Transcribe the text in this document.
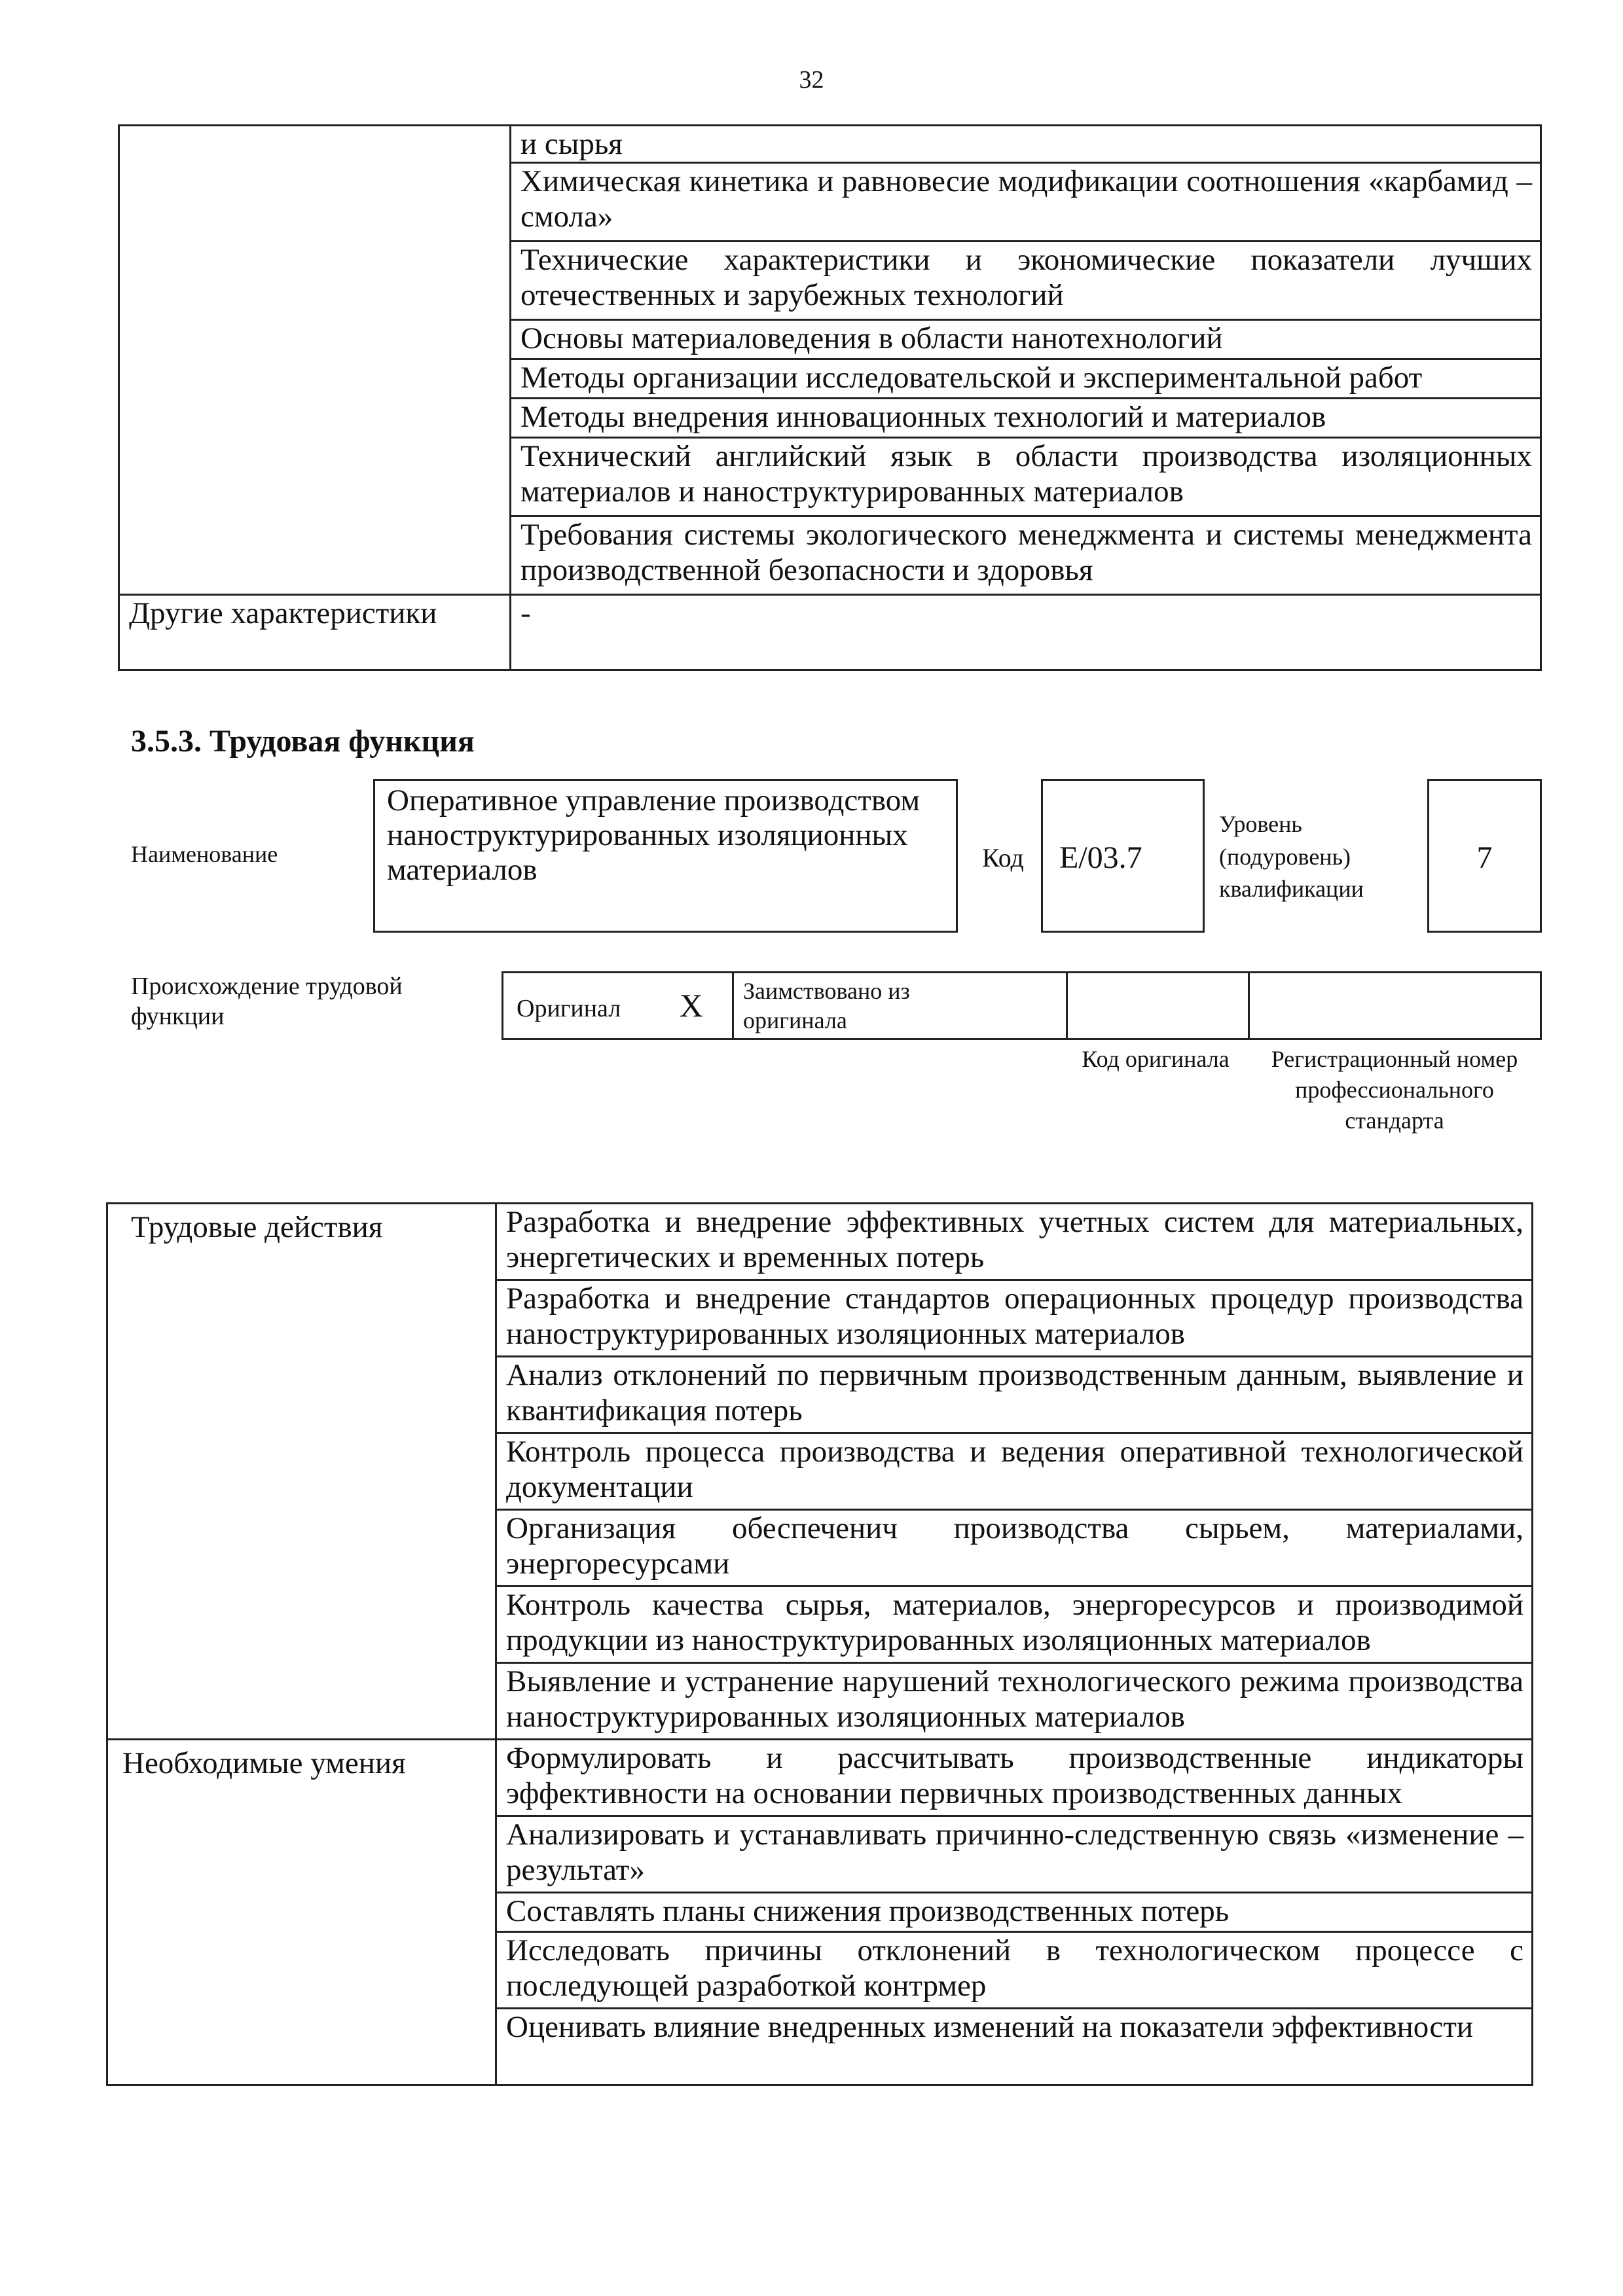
32
	и сырья
	Химическая кинетика и равновесие модификации соотношения «карбамид – смола»
	Технические характеристики и экономические показатели лучших отечественных и зарубежных технологий
	Основы материаловедения в области нанотехнологий
	Методы организации исследовательской и экспериментальной работ
	Методы внедрения инновационных технологий и материалов
	Технический английский язык в области производства изоляционных материалов и наноструктурированных материалов
	Требования системы экологического менеджмента и системы менеджмента производственной безопасности и здоровья
Другие характеристики	-
3.5.3. Трудовая функция
Наименование
Оперативное управление производством наноструктурированных изоляционных материалов	Код	E/03.7
Уровень (подуровень) квалификации
7
Происхождение трудовой функции	Оригинал X	Заимствовано из оригинала		
Код оригинала	Регистрационный номер профессионального стандарта
Трудовые действия	Разработка и внедрение эффективных учетных систем для материальных, энергетических и временных потерь
	Разработка и внедрение стандартов операционных процедур производства наноструктурированных изоляционных материалов
	Анализ отклонений по первичным производственным данным, выявление и квантификация потерь
	Контроль процесса производства и ведения оперативной технологической документации
	Организация обеспеченич производства сырьем, материалами, энергоресурсами
	Контроль качества сырья, материалов, энергоресурсов и производимой продукции из наноструктурированных изоляционных материалов
	Выявление и устранение нарушений технологического режима производства наноструктурированных изоляционных материалов
Необходимые умения	Формулировать и рассчитывать производственные индикаторы эффективности на основании первичных производственных данных
	Анализировать и устанавливать причинно-следственную связь «изменение – результат»
	Составлять планы снижения производственных потерь
	Исследовать причины отклонений в технологическом процессе с последующей разработкой контрмер
	Оценивать влияние внедренных изменений на показатели эффективности
